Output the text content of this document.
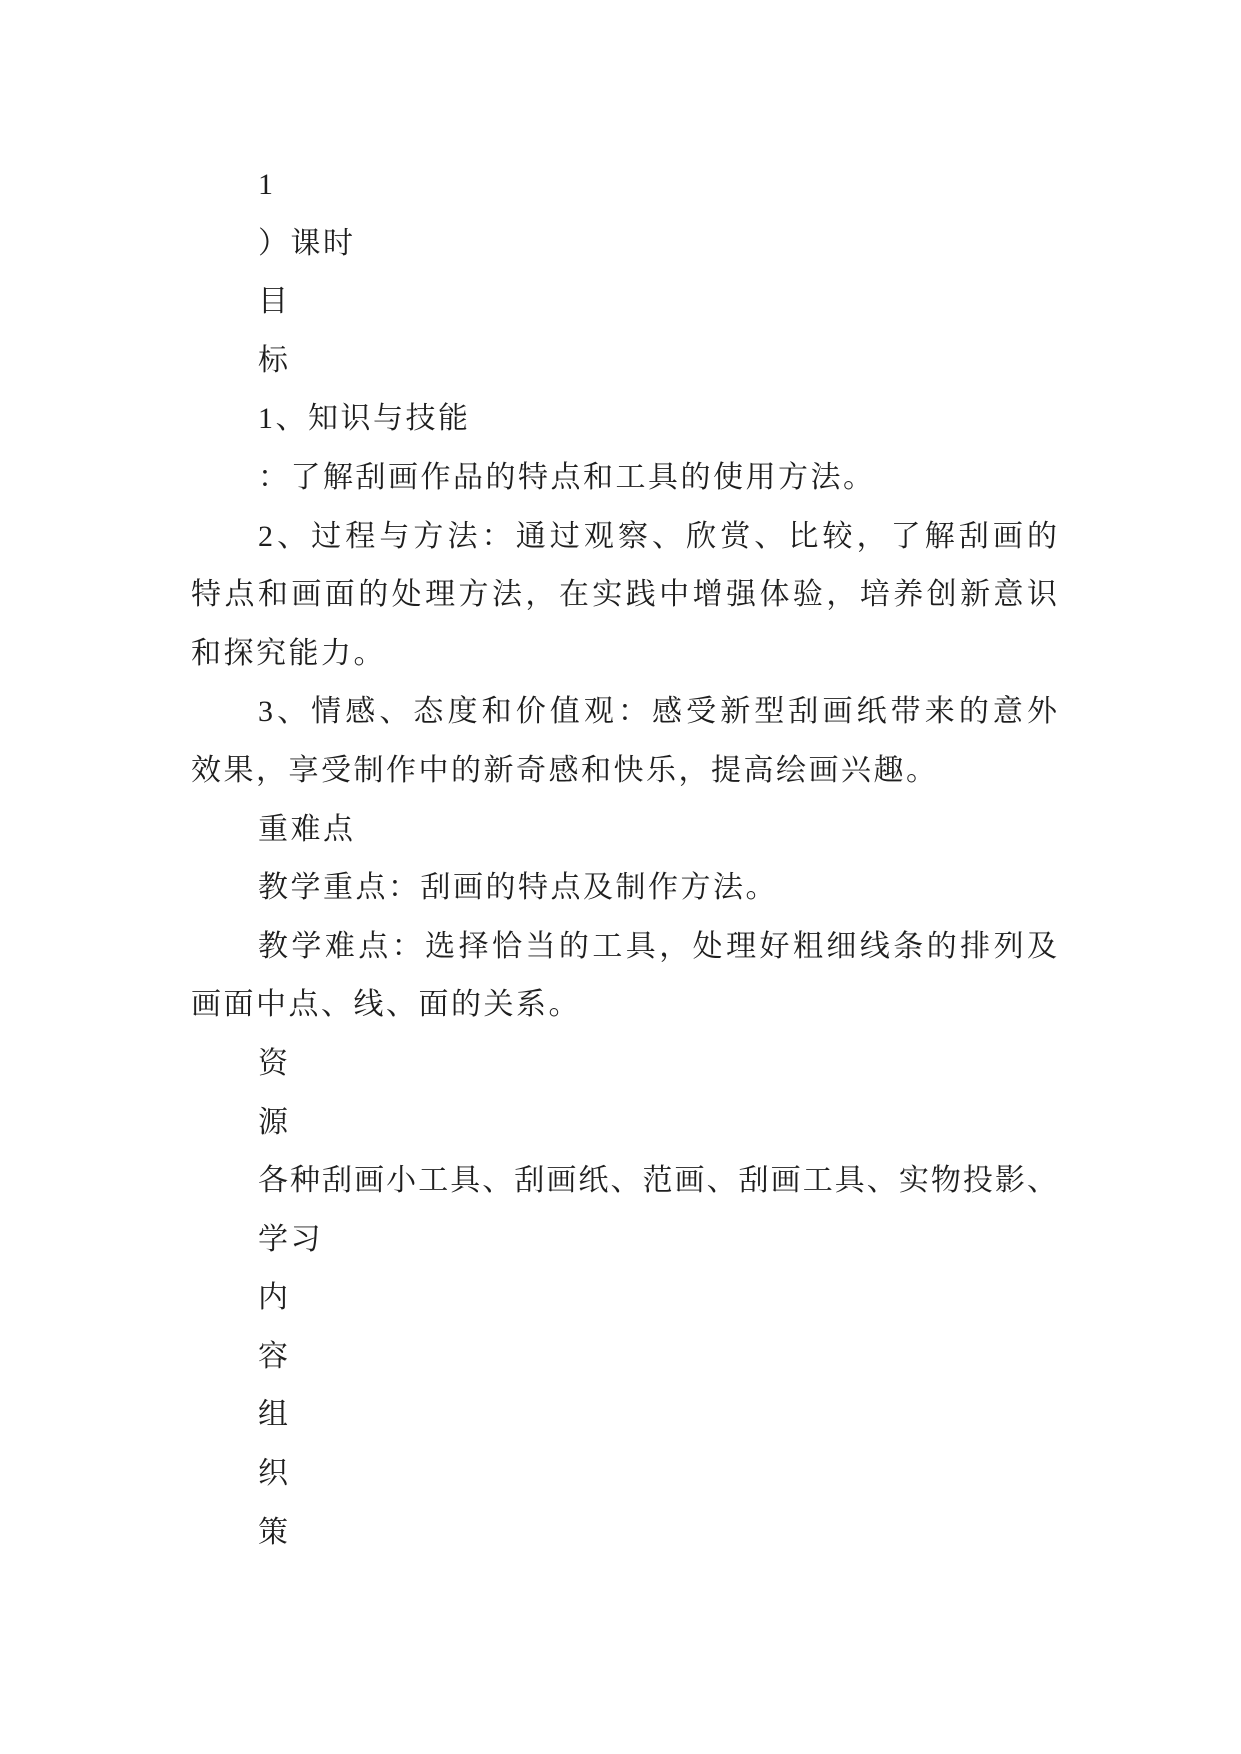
1
）课时
目
标
1、知识与技能
：了解刮画作品的特点和工具的使用方法。
2、过程与方法：通过观察、欣赏、比较，了解刮画的
特点和画面的处理方法，在实践中增强体验，培养创新意识
和探究能力。
3、情感、态度和价值观：感受新型刮画纸带来的意外
效果，享受制作中的新奇感和快乐，提高绘画兴趣。
重难点
教学重点：刮画的特点及制作方法。
教学难点：选择恰当的工具，处理好粗细线条的排列及
画面中点、线、面的关系。
资
源
各种刮画小工具、刮画纸、范画、刮画工具、实物投影、
学习
内
容
组
织
策
